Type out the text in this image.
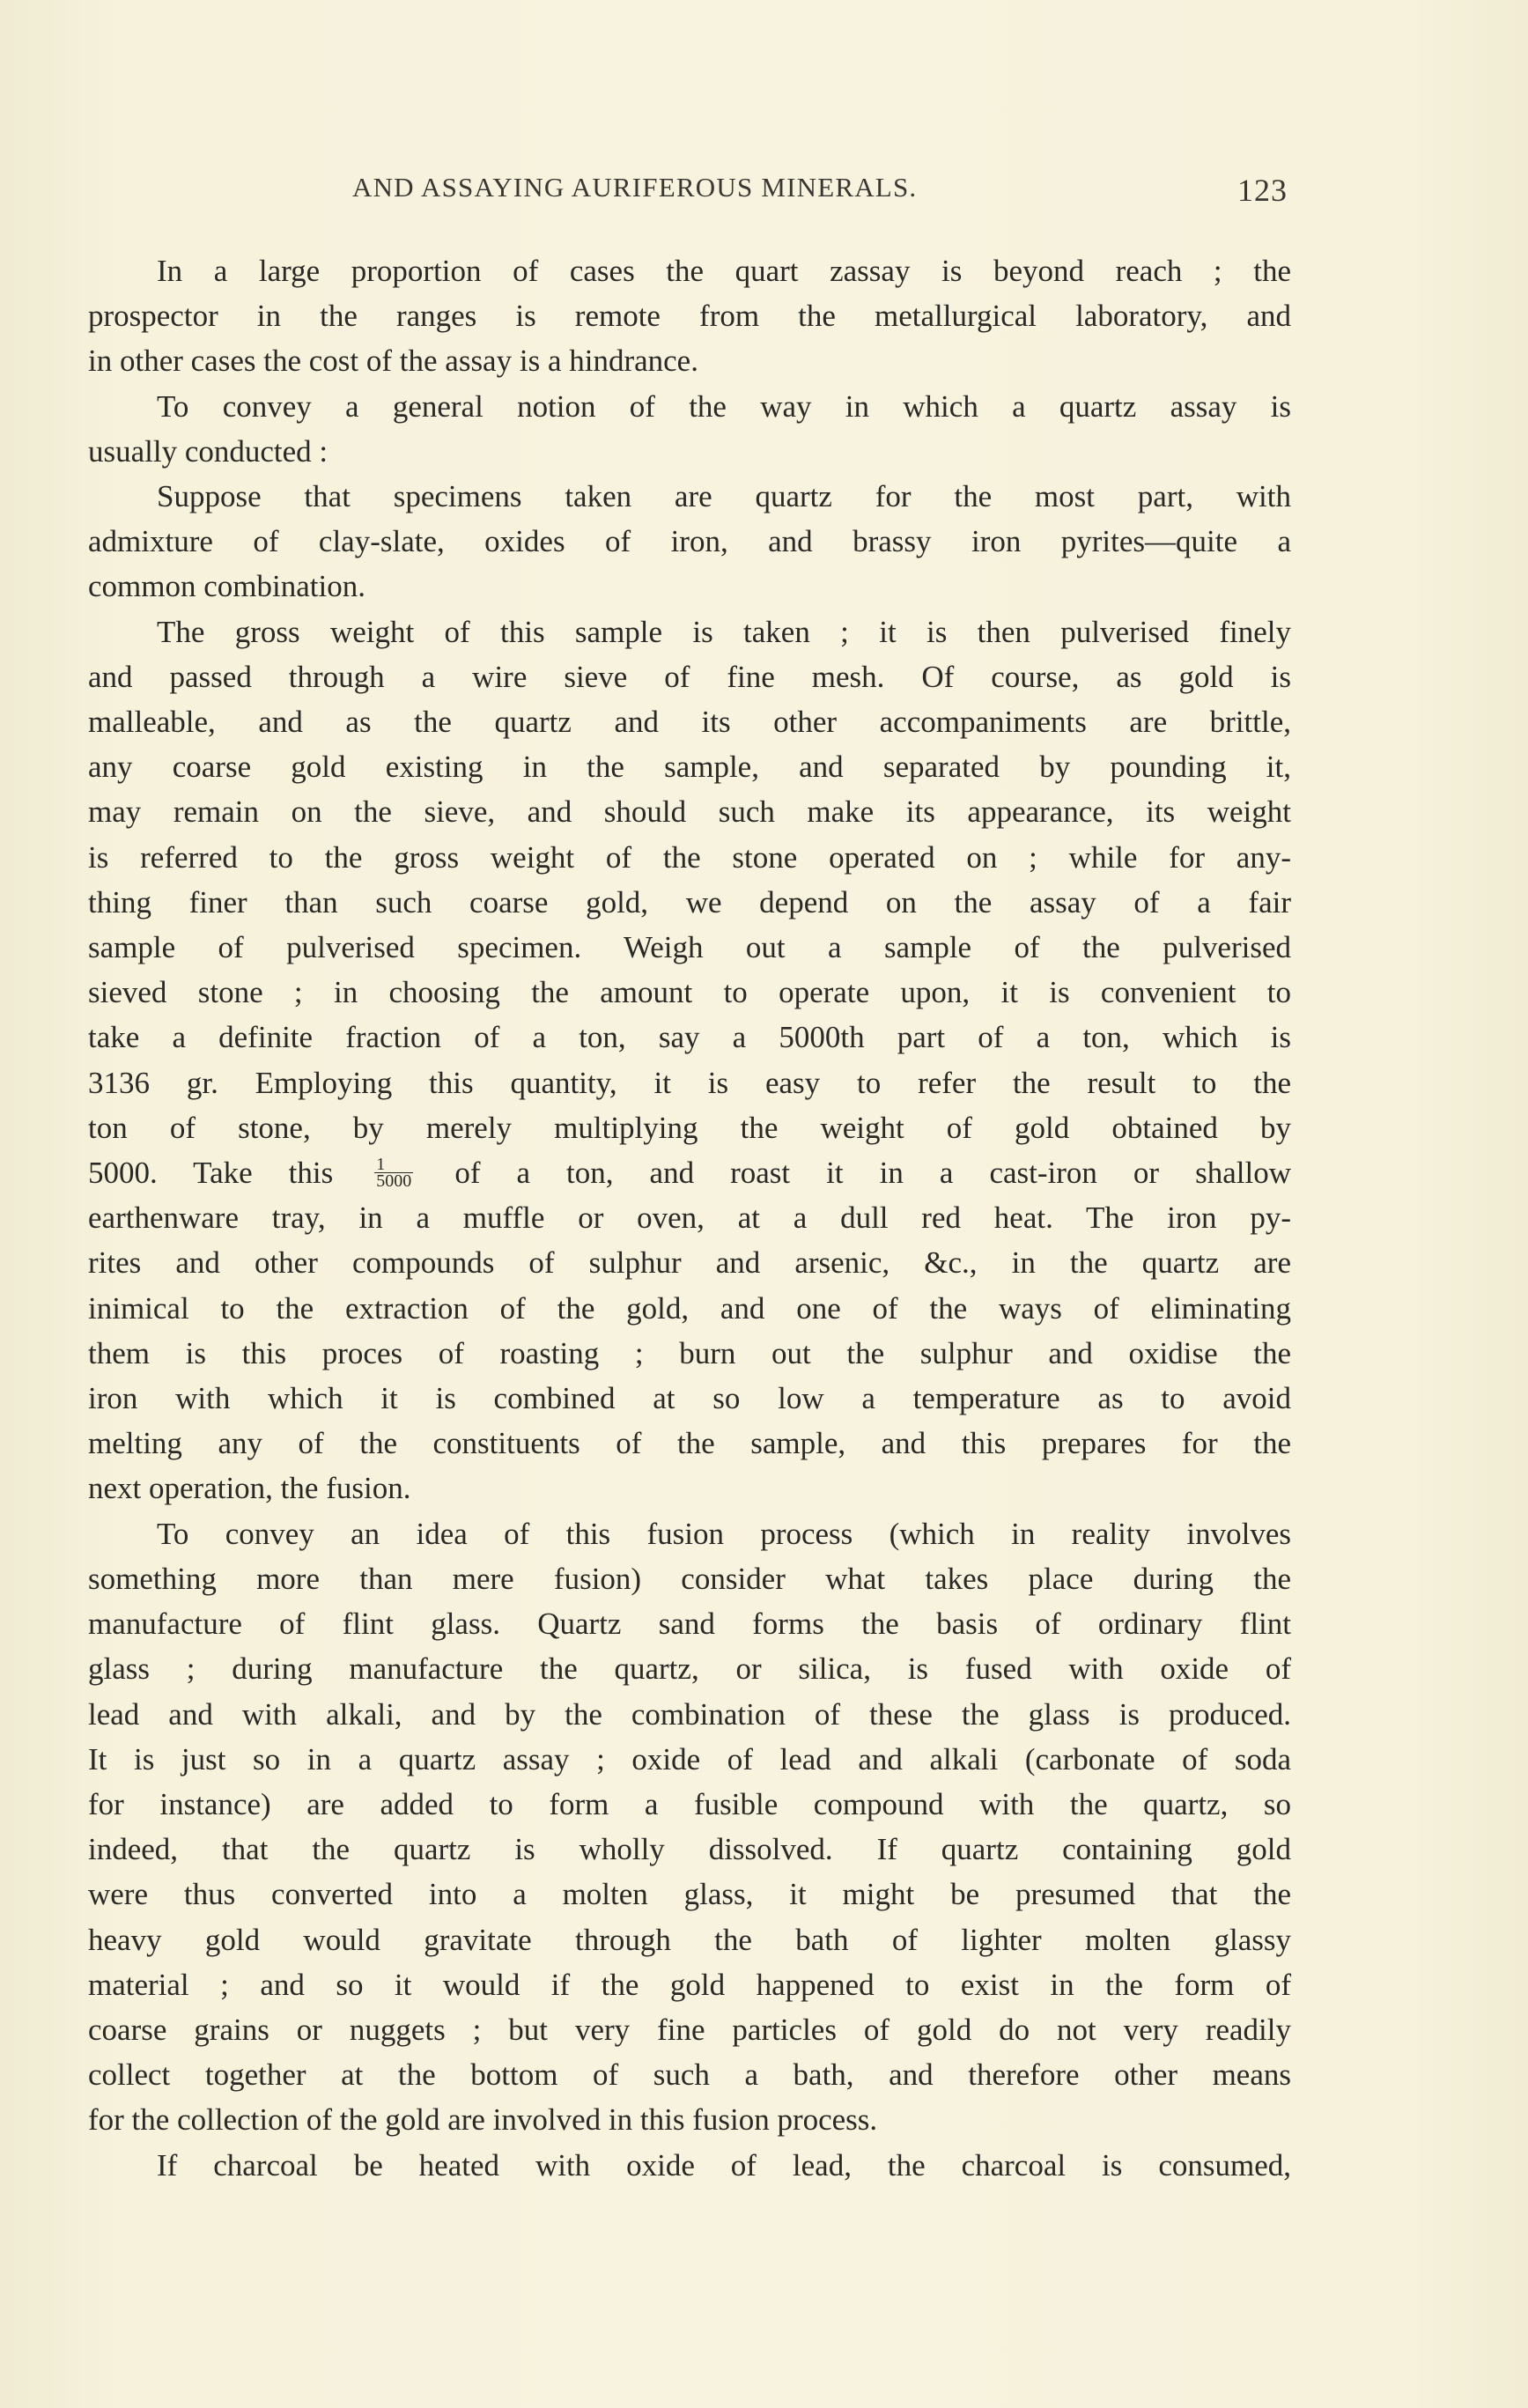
AND ASSAYING AURIFEROUS MINERALS.	123

In a large proportion of cases the quart zassay is beyond reach ; the
prospector in the ranges is remote from the metallurgical laboratory, and
in other cases the cost of the assay is a hindrance.

To convey a general notion of the way in which a quartz assay is
usually conducted :

Suppose that specimens taken are quartz for the most part, with
admixture of clay-slate, oxides of iron, and brassy iron pyrites—quite a
common combination.

The gross weight of this sample is taken ; it is then pulverised finely
and passed through a wire sieve of fine mesh. Of course, as gold is
malleable, and as the quartz and its other accompaniments are brittle,
any coarse gold existing in the sample, and separated by pounding it,
may remain on the sieve, and should such make its appearance, its weight
is referred to the gross weight of the stone operated on ; while for any-
thing finer than such coarse gold, we depend on the assay of a fair
sample of pulverised specimen. Weigh out a sample of the pulverised
sieved stone ; in choosing the amount to operate upon, it is convenient to
take a definite fraction of a ton, say a 5000th part of a ton, which is
3136 gr. Employing this quantity, it is easy to refer the result to the
ton of stone, by merely multiplying the weight of gold obtained by
5000. Take this $\frac{1}{5000}$ of a ton, and roast it in a cast-iron or shallow
earthenware tray, in a muffle or oven, at a dull red heat. The iron py-
rites and other compounds of sulphur and arsenic, &c., in the quartz are
inimical to the extraction of the gold, and one of the ways of eliminating
them is this proces of roasting ; burn out the sulphur and oxidise the
iron with which it is combined at so low a temperature as to avoid
melting any of the constituents of the sample, and this prepares for the
next operation, the fusion.

To convey an idea of this fusion process (which in reality involves
something more than mere fusion) consider what takes place during the
manufacture of flint glass. Quartz sand forms the basis of ordinary flint
glass ; during manufacture the quartz, or silica, is fused with oxide of
lead and with alkali, and by the combination of these the glass is produced.
It is just so in a quartz assay ; oxide of lead and alkali (carbonate of soda
for instance) are added to form a fusible compound with the quartz, so
indeed, that the quartz is wholly dissolved. If quartz containing gold
were thus converted into a molten glass, it might be presumed that the
heavy gold would gravitate through the bath of lighter molten glassy
material ; and so it would if the gold happened to exist in the form of
coarse grains or nuggets ; but very fine particles of gold do not very readily
collect together at the bottom of such a bath, and therefore other means
for the collection of the gold are involved in this fusion process.

If charcoal be heated with oxide of lead, the charcoal is consumed,
